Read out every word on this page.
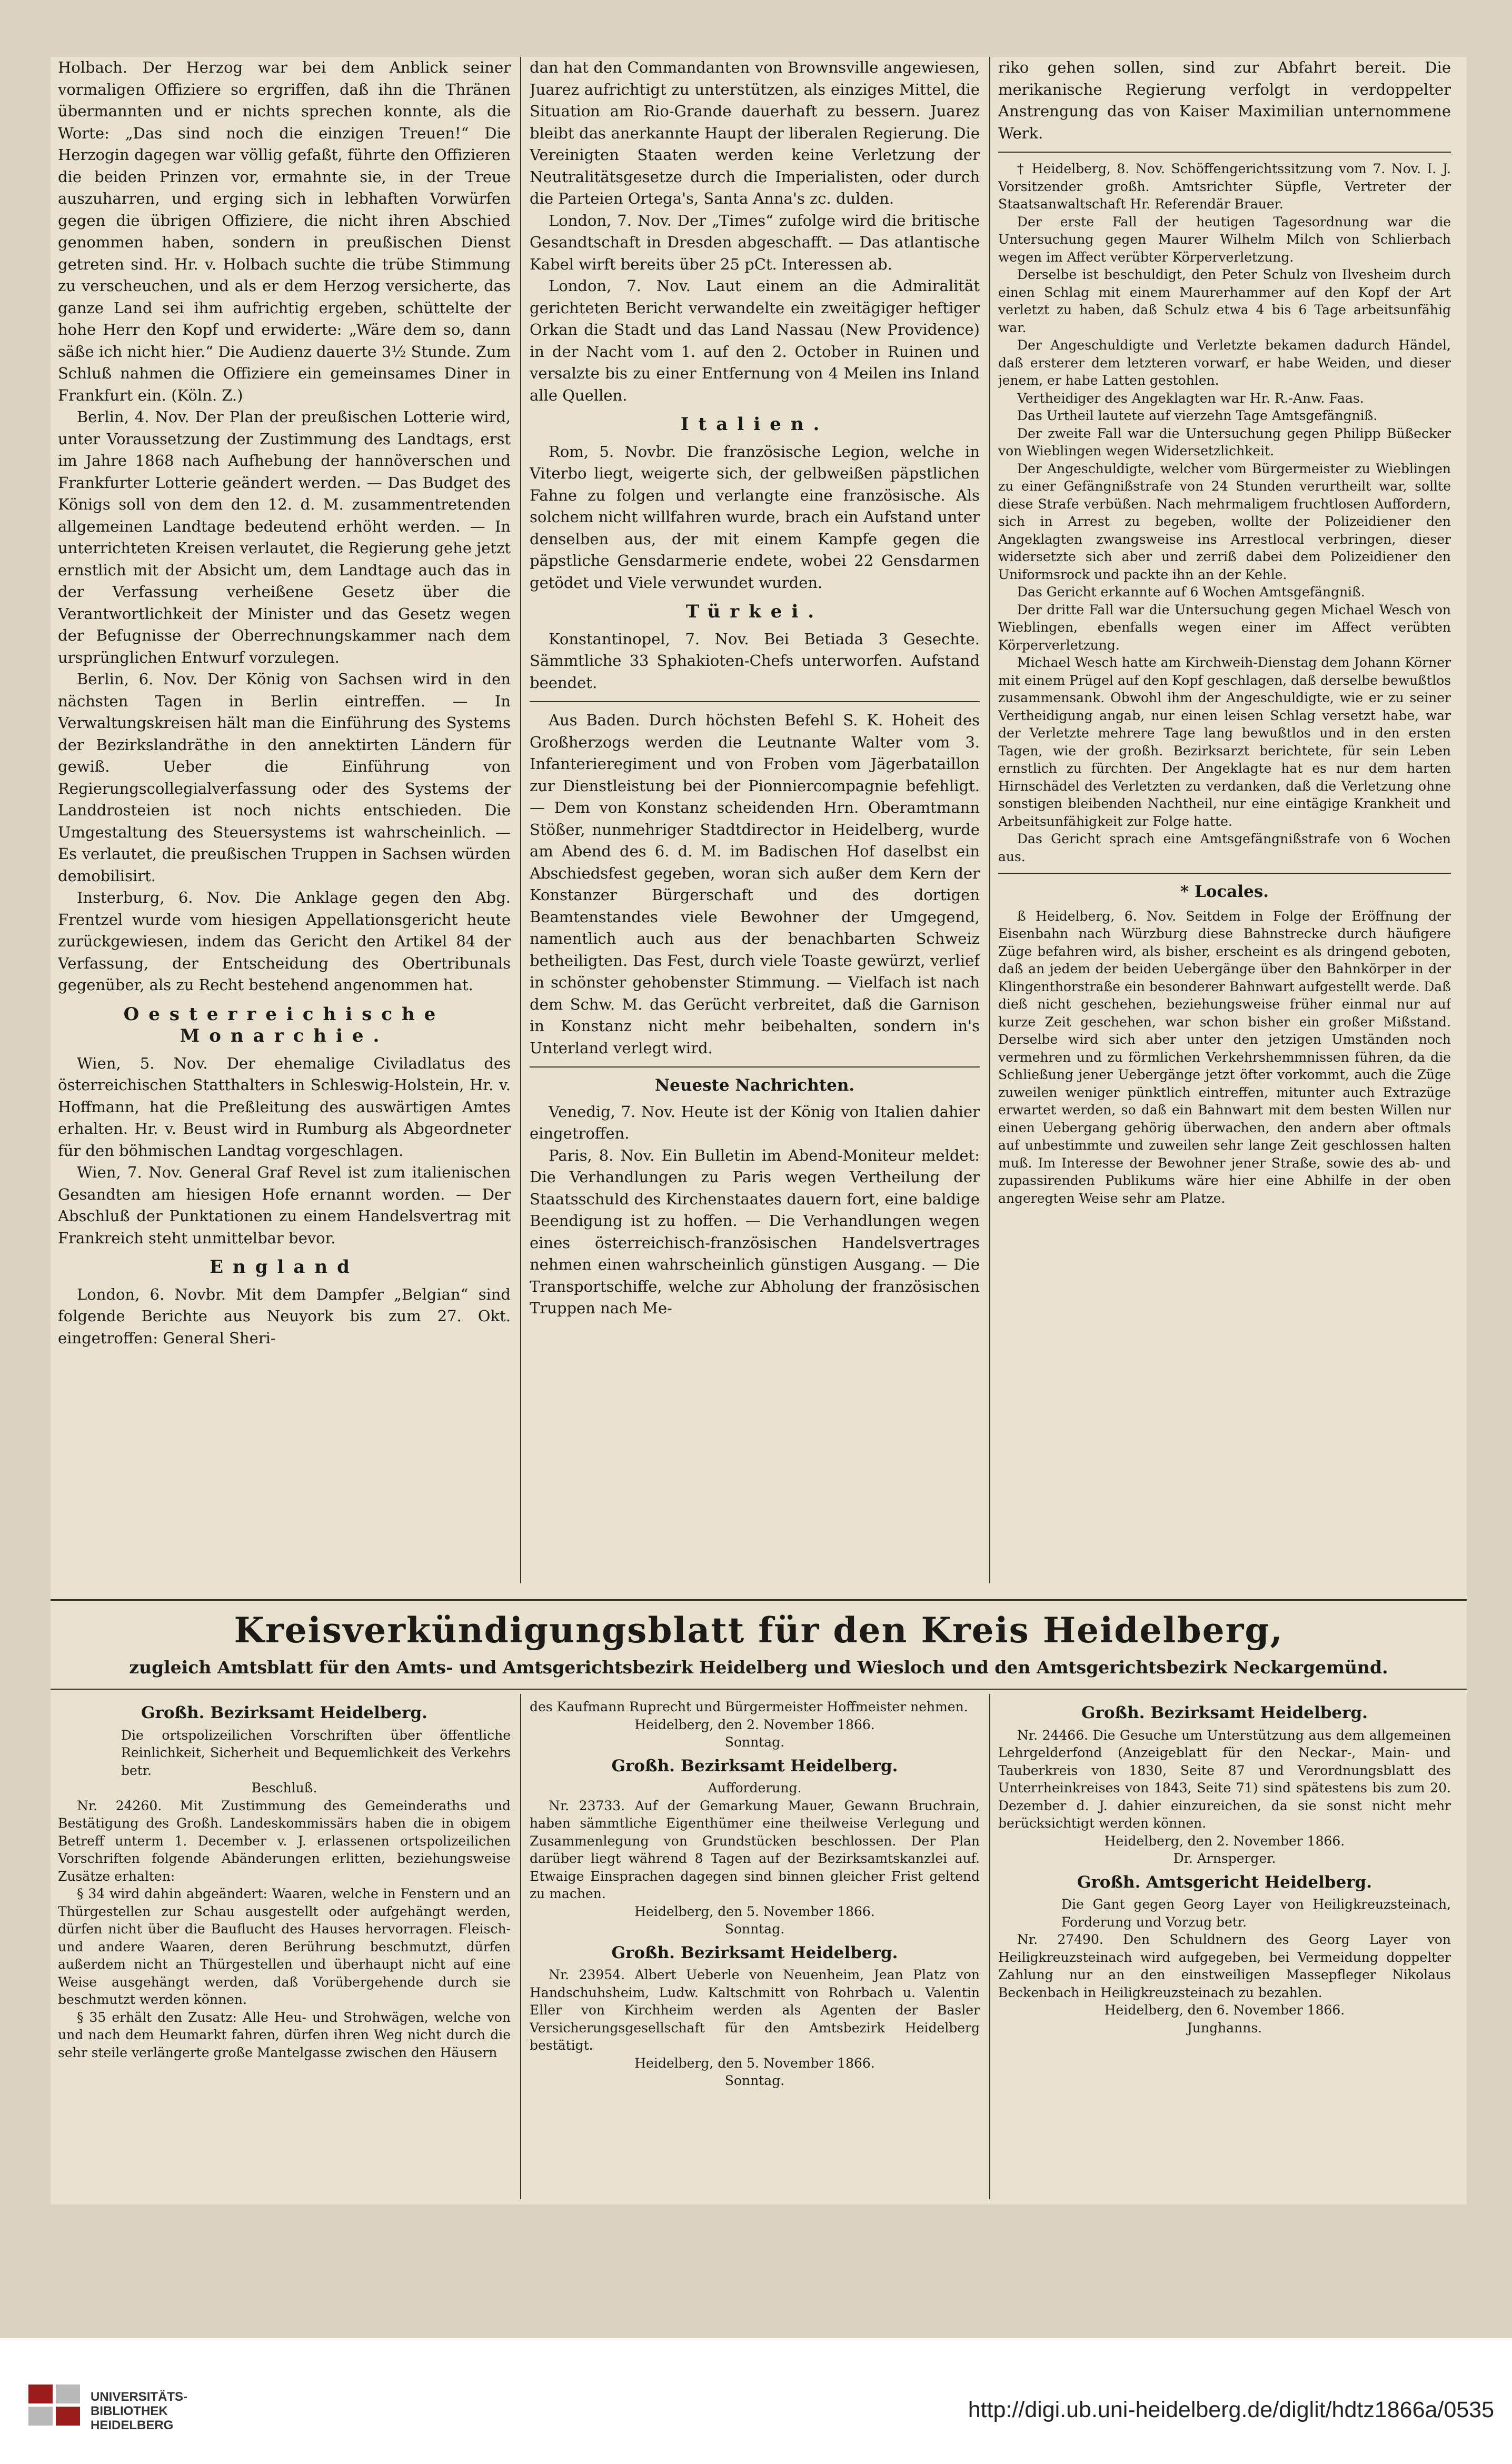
Holbach. Der Herzog war bei dem Anblick seiner vormaligen Offiziere so ergriffen, daß ihn die Thränen übermannten und er nichts sprechen konnte, als die Worte: „Das sind noch die einzigen Treuen!“ Die Herzogin dagegen war völlig gefaßt, führte den Offizieren die beiden Prinzen vor, ermahnte sie, in der Treue auszuharren, und erging sich in lebhaften Vorwürfen gegen die übrigen Offiziere, die nicht ihren Abschied genommen haben, sondern in preußischen Dienst getreten sind. Hr. v. Holbach suchte die trübe Stimmung zu verscheuchen, und als er dem Herzog versicherte, das ganze Land sei ihm aufrichtig ergeben, schüttelte der hohe Herr den Kopf und erwiderte: „Wäre dem so, dann säße ich nicht hier.“ Die Audienz dauerte 3½ Stunde. Zum Schluß nahmen die Offiziere ein gemeinsames Diner in Frankfurt ein. (Köln. Z.)

Berlin, 4. Nov. Der Plan der preußischen Lotterie wird, unter Voraussetzung der Zustimmung des Landtags, erst im Jahre 1868 nach Aufhebung der hannöverschen und Frankfurter Lotterie geändert werden. — Das Budget des Königs soll von dem den 12. d. M. zusammentretenden allgemeinen Landtage bedeutend erhöht werden. — In unterrichteten Kreisen verlautet, die Regierung gehe jetzt ernstlich mit der Absicht um, dem Landtage auch das in der Verfassung verheißene Gesetz über die Verantwortlichkeit der Minister und das Gesetz wegen der Befugnisse der Oberrechnungskammer nach dem ursprünglichen Entwurf vorzulegen.

Berlin, 6. Nov. Der König von Sachsen wird in den nächsten Tagen in Berlin eintreffen. — In Verwaltungskreisen hält man die Einführung des Systems der Bezirkslandräthe in den annektirten Ländern für gewiß. Ueber die Einführung von Regierungscollegialverfassung oder des Systems der Landdrosteien ist noch nichts entschieden. Die Umgestaltung des Steuersystems ist wahrscheinlich. — Es verlautet, die preußischen Truppen in Sachsen würden demobilisirt.

Insterburg, 6. Nov. Die Anklage gegen den Abg. Frentzel wurde vom hiesigen Appellationsgericht heute zurückgewiesen, indem das Gericht den Artikel 84 der Verfassung, der Entscheidung des Obertribunals gegenüber, als zu Recht bestehend angenommen hat.

Oesterreichische Monarchie.

Wien, 5. Nov. Der ehemalige Civiladlatus des österreichischen Statthalters in Schleswig-Holstein, Hr. v. Hoffmann, hat die Preßleitung des auswärtigen Amtes erhalten. Hr. v. Beust wird in Rumburg als Abgeordneter für den böhmischen Landtag vorgeschlagen.

Wien, 7. Nov. General Graf Revel ist zum italienischen Gesandten am hiesigen Hofe ernannt worden. — Der Abschluß der Punktationen zu einem Handelsvertrag mit Frankreich steht unmittelbar bevor.

England

London, 6. Novbr. Mit dem Dampfer „Belgian“ sind folgende Berichte aus Neuyork bis zum 27. Okt. eingetroffen: General Sheri-

dan hat den Commandanten von Brownsville angewiesen, Juarez aufrichtigt zu unterstützen, als einziges Mittel, die Situation am Rio-Grande dauerhaft zu bessern. Juarez bleibt das anerkannte Haupt der liberalen Regierung. Die Vereinigten Staaten werden keine Verletzung der Neutralitätsgesetze durch die Imperialisten, oder durch die Parteien Ortega's, Santa Anna's zc. dulden.

London, 7. Nov. Der „Times“ zufolge wird die britische Gesandtschaft in Dresden abgeschafft. — Das atlantische Kabel wirft bereits über 25 pCt. Interessen ab.

London, 7. Nov. Laut einem an die Admiralität gerichteten Bericht verwandelte ein zweitägiger heftiger Orkan die Stadt und das Land Nassau (New Providence) in der Nacht vom 1. auf den 2. October in Ruinen und versalzte bis zu einer Entfernung von 4 Meilen ins Inland alle Quellen.

Italien.

Rom, 5. Novbr. Die französische Legion, welche in Viterbo liegt, weigerte sich, der gelbweißen päpstlichen Fahne zu folgen und verlangte eine französische. Als solchem nicht willfahren wurde, brach ein Aufstand unter denselben aus, der mit einem Kampfe gegen die päpstliche Gensdarmerie endete, wobei 22 Gensdarmen getödet und Viele verwundet wurden.

Türkei.

Konstantinopel, 7. Nov. Bei Betiada 3 Gesechte. Sämmtliche 33 Sphakioten-Chefs unterworfen. Aufstand beendet.

Aus Baden. Durch höchsten Befehl S. K. Hoheit des Großherzogs werden die Leutnante Walter vom 3. Infanterieregiment und von Froben vom Jägerbataillon zur Dienstleistung bei der Pionniercompagnie befehligt. — Dem von Konstanz scheidenden Hrn. Oberamtmann Stößer, nunmehriger Stadtdirector in Heidelberg, wurde am Abend des 6. d. M. im Badischen Hof daselbst ein Abschiedsfest gegeben, woran sich außer dem Kern der Konstanzer Bürgerschaft und des dortigen Beamtenstandes viele Bewohner der Umgegend, namentlich auch aus der benachbarten Schweiz betheiligten. Das Fest, durch viele Toaste gewürzt, verlief in schönster gehobenster Stimmung. — Vielfach ist nach dem Schw. M. das Gerücht verbreitet, daß die Garnison in Konstanz nicht mehr beibehalten, sondern in's Unterland verlegt wird.

Neueste Nachrichten.

Venedig, 7. Nov. Heute ist der König von Italien dahier eingetroffen.

Paris, 8. Nov. Ein Bulletin im Abend-Moniteur meldet: Die Verhandlungen zu Paris wegen Vertheilung der Staatsschuld des Kirchenstaates dauern fort, eine baldige Beendigung ist zu hoffen. — Die Verhandlungen wegen eines österreichisch-französischen Handelsvertrages nehmen einen wahrscheinlich günstigen Ausgang. — Die Transportschiffe, welche zur Abholung der französischen Truppen nach Me-

riko gehen sollen, sind zur Abfahrt bereit. Die merikanische Regierung verfolgt in verdoppelter Anstrengung das von Kaiser Maximilian unternommene Werk.

† Heidelberg, 8. Nov. Schöffengerichtssitzung vom 7. Nov. I. J. Vorsitzender großh. Amtsrichter Süpfle, Vertreter der Staatsanwaltschaft Hr. Referendär Brauer.

Der erste Fall der heutigen Tagesordnung war die Untersuchung gegen Maurer Wilhelm Milch von Schlierbach wegen im Affect verübter Körperverletzung.

Derselbe ist beschuldigt, den Peter Schulz von Ilvesheim durch einen Schlag mit einem Maurerhammer auf den Kopf der Art verletzt zu haben, daß Schulz etwa 4 bis 6 Tage arbeitsunfähig war.

Der Angeschuldigte und Verletzte bekamen dadurch Händel, daß ersterer dem letzteren vorwarf, er habe Weiden, und dieser jenem, er habe Latten gestohlen.

Vertheidiger des Angeklagten war Hr. R.-Anw. Faas.

Das Urtheil lautete auf vierzehn Tage Amtsgefängniß.

Der zweite Fall war die Untersuchung gegen Philipp Büßecker von Wieblingen wegen Widersetzlichkeit.

Der Angeschuldigte, welcher vom Bürgermeister zu Wieblingen zu einer Gefängnißstrafe von 24 Stunden verurtheilt war, sollte diese Strafe verbüßen. Nach mehrmaligem fruchtlosen Auffordern, sich in Arrest zu begeben, wollte der Polizeidiener den Angeklagten zwangsweise ins Arrestlocal verbringen, dieser widersetzte sich aber und zerriß dabei dem Polizeidiener den Uniformsrock und packte ihn an der Kehle.

Das Gericht erkannte auf 6 Wochen Amtsgefängniß.

Der dritte Fall war die Untersuchung gegen Michael Wesch von Wieblingen, ebenfalls wegen einer im Affect verübten Körperverletzung.

Michael Wesch hatte am Kirchweih-Dienstag dem Johann Körner mit einem Prügel auf den Kopf geschlagen, daß derselbe bewußtlos zusammensank. Obwohl ihm der Angeschuldigte, wie er zu seiner Vertheidigung angab, nur einen leisen Schlag versetzt habe, war der Verletzte mehrere Tage lang bewußtlos und in den ersten Tagen, wie der großh. Bezirksarzt berichtete, für sein Leben ernstlich zu fürchten. Der Angeklagte hat es nur dem harten Hirnschädel des Verletzten zu verdanken, daß die Verletzung ohne sonstigen bleibenden Nachtheil, nur eine eintägige Krankheit und Arbeitsunfähigkeit zur Folge hatte.

Das Gericht sprach eine Amtsgefängnißstrafe von 6 Wochen aus.

* Locales.

ß Heidelberg, 6. Nov. Seitdem in Folge der Eröffnung der Eisenbahn nach Würzburg diese Bahnstrecke durch häufigere Züge befahren wird, als bisher, erscheint es als dringend geboten, daß an jedem der beiden Uebergänge über den Bahnkörper in der Klingenthorstraße ein besonderer Bahnwart aufgestellt werde. Daß dieß nicht geschehen, beziehungsweise früher einmal nur auf kurze Zeit geschehen, war schon bisher ein großer Mißstand. Derselbe wird sich aber unter den jetzigen Umständen noch vermehren und zu förmlichen Verkehrshemmnissen führen, da die Schließung jener Uebergänge jetzt öfter vorkommt, auch die Züge zuweilen weniger pünktlich eintreffen, mitunter auch Extrazüge erwartet werden, so daß ein Bahnwart mit dem besten Willen nur einen Uebergang gehörig überwachen, den andern aber oftmals auf unbestimmte und zuweilen sehr lange Zeit geschlossen halten muß. Im Interesse der Bewohner jener Straße, sowie des ab- und zupassirenden Publikums wäre hier eine Abhilfe in der oben angeregten Weise sehr am Platze.

Kreisverkündigungsblatt für den Kreis Heidelberg,
zugleich Amtsblatt für den Amts- und Amtsgerichtsbezirk Heidelberg und Wiesloch und den Amtsgerichtsbezirk Neckargemünd.
Großh. Bezirksamt Heidelberg.

Die ortspolizeilichen Vorschriften über öffentliche Reinlichkeit, Sicherheit und Bequemlichkeit des Verkehrs betr.

Beschluß.

Nr. 24260. Mit Zustimmung des Gemeinderaths und Bestätigung des Großh. Landeskommissärs haben die in obigem Betreff unterm 1. December v. J. erlassenen ortspolizeilichen Vorschriften folgende Abänderungen erlitten, beziehungsweise Zusätze erhalten:

§ 34 wird dahin abgeändert: Waaren, welche in Fenstern und an Thürgestellen zur Schau ausgestellt oder aufgehängt werden, dürfen nicht über die Bauflucht des Hauses hervorragen. Fleisch- und andere Waaren, deren Berührung beschmutzt, dürfen außerdem nicht an Thürgestellen und überhaupt nicht auf eine Weise ausgehängt werden, daß Vorübergehende durch sie beschmutzt werden können.

§ 35 erhält den Zusatz: Alle Heu- und Strohwägen, welche von und nach dem Heumarkt fahren, dürfen ihren Weg nicht durch die sehr steile verlängerte große Mantelgasse zwischen den Häusern

des Kaufmann Ruprecht und Bürgermeister Hoffmeister nehmen.

Heidelberg, den 2. November 1866.

Sonntag.

Großh. Bezirksamt Heidelberg.

Aufforderung.

Nr. 23733. Auf der Gemarkung Mauer, Gewann Bruchrain, haben sämmtliche Eigenthümer eine theilweise Verlegung und Zusammenlegung von Grundstücken beschlossen. Der Plan darüber liegt während 8 Tagen auf der Bezirksamtskanzlei auf. Etwaige Einsprachen dagegen sind binnen gleicher Frist geltend zu machen.

Heidelberg, den 5. November 1866.

Sonntag.

Großh. Bezirksamt Heidelberg.

Nr. 23954. Albert Ueberle von Neuenheim, Jean Platz von Handschuhsheim, Ludw. Kaltschmitt von Rohrbach u. Valentin Eller von Kirchheim werden als Agenten der Basler Versicherungsgesellschaft für den Amtsbezirk Heidelberg bestätigt.

Heidelberg, den 5. November 1866.

Sonntag.

Großh. Bezirksamt Heidelberg.

Nr. 24466. Die Gesuche um Unterstützung aus dem allgemeinen Lehrgelderfond (Anzeigeblatt für den Neckar-, Main- und Tauberkreis von 1830, Seite 87 und Verordnungsblatt des Unterrheinkreises von 1843, Seite 71) sind spätestens bis zum 20. Dezember d. J. dahier einzureichen, da sie sonst nicht mehr berücksichtigt werden können.

Heidelberg, den 2. November 1866.

Dr. Arnsperger.

Großh. Amtsgericht Heidelberg.

Die Gant gegen Georg Layer von Heiligkreuzsteinach, Forderung und Vorzug betr.

Nr. 27490. Den Schuldnern des Georg Layer von Heiligkreuzsteinach wird aufgegeben, bei Vermeidung doppelter Zahlung nur an den einstweiligen Massepfleger Nikolaus Beckenbach in Heiligkreuzsteinach zu bezahlen.

Heidelberg, den 6. November 1866.

Junghanns.

UNIVERSITÄTS-
BIBLIOTHEK
HEIDELBERG
http://digi.ub.uni-heidelberg.de/diglit/hdtz1866a/0535
